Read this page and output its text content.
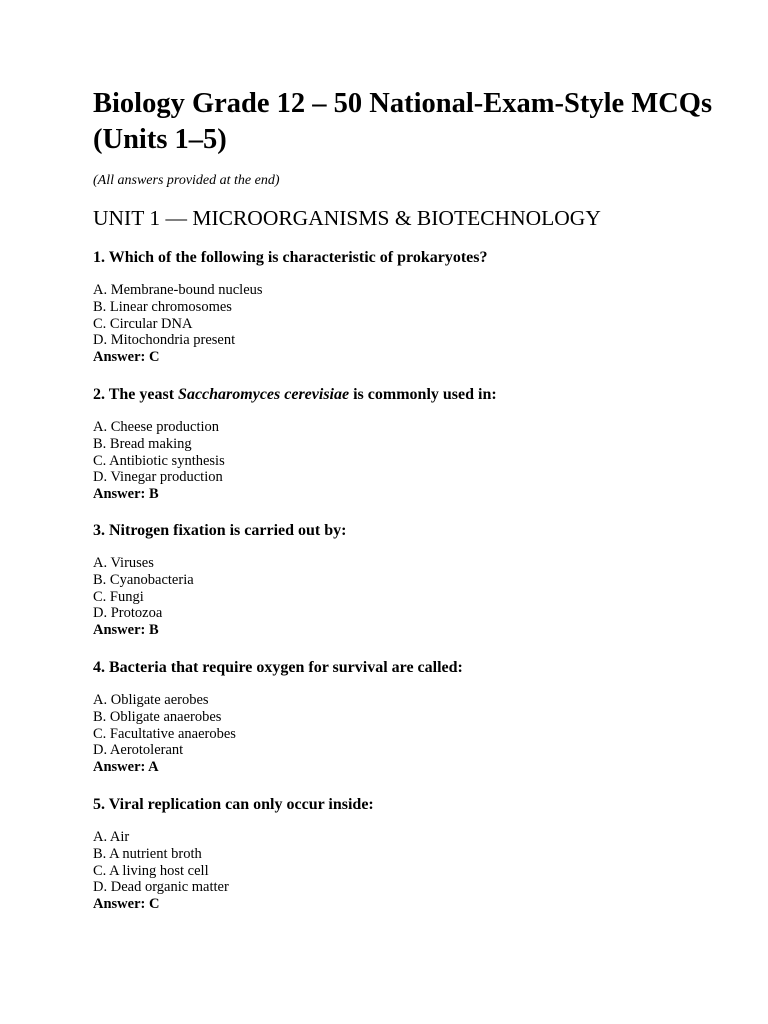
Biology Grade 12 – 50 National-Exam-Style MCQs (Units 1–5)

(All answers provided at the end)

UNIT 1 — MICROORGANISMS & BIOTECHNOLOGY

1. Which of the following is characteristic of prokaryotes?

A. Membrane-bound nucleus
B. Linear chromosomes
C. Circular DNA
D. Mitochondria present

Answer: C

2. The yeast Saccharomyces cerevisiae is commonly used in:

A. Cheese production
B. Bread making
C. Antibiotic synthesis
D. Vinegar production

Answer: B

3. Nitrogen fixation is carried out by:

A. Viruses
B. Cyanobacteria
C. Fungi
D. Protozoa

Answer: B

4. Bacteria that require oxygen for survival are called:

A. Obligate aerobes
B. Obligate anaerobes
C. Facultative anaerobes
D. Aerotolerant

Answer: A

5. Viral replication can only occur inside:

A. Air
B. A nutrient broth
C. A living host cell
D. Dead organic matter

Answer: C
